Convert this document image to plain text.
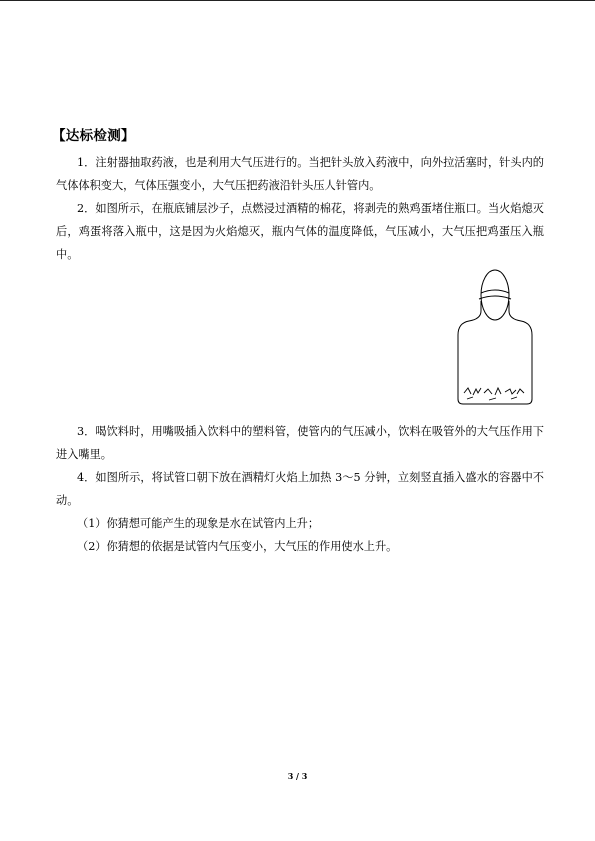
【达标检测】

1．注射器抽取药液，也是利用大气压进行的。当把针头放入药液中，向外拉活塞时，针头内的气体体积变大，气体压强变小，大气压把药液沿针头压人针管内。

2．如图所示，在瓶底铺层沙子，点燃浸过酒精的棉花，将剥壳的熟鸡蛋堵住瓶口。当火焰熄灭后，鸡蛋将落入瓶中，这是因为火焰熄灭，瓶内气体的温度降低，气压减小，大气压把鸡蛋压入瓶中。

3．喝饮料时，用嘴吸插入饮料中的塑料管，使管内的气压减小，饮料在吸管外的大气压作用下进入嘴里。

4．如图所示，将试管口朝下放在酒精灯火焰上加热 3～5 分钟，立刻竖直插入盛水的容器中不动。

（1）你猜想可能产生的现象是水在试管内上升；

（2）你猜想的依据是试管内气压变小，大气压的作用使水上升。

3 / 3
